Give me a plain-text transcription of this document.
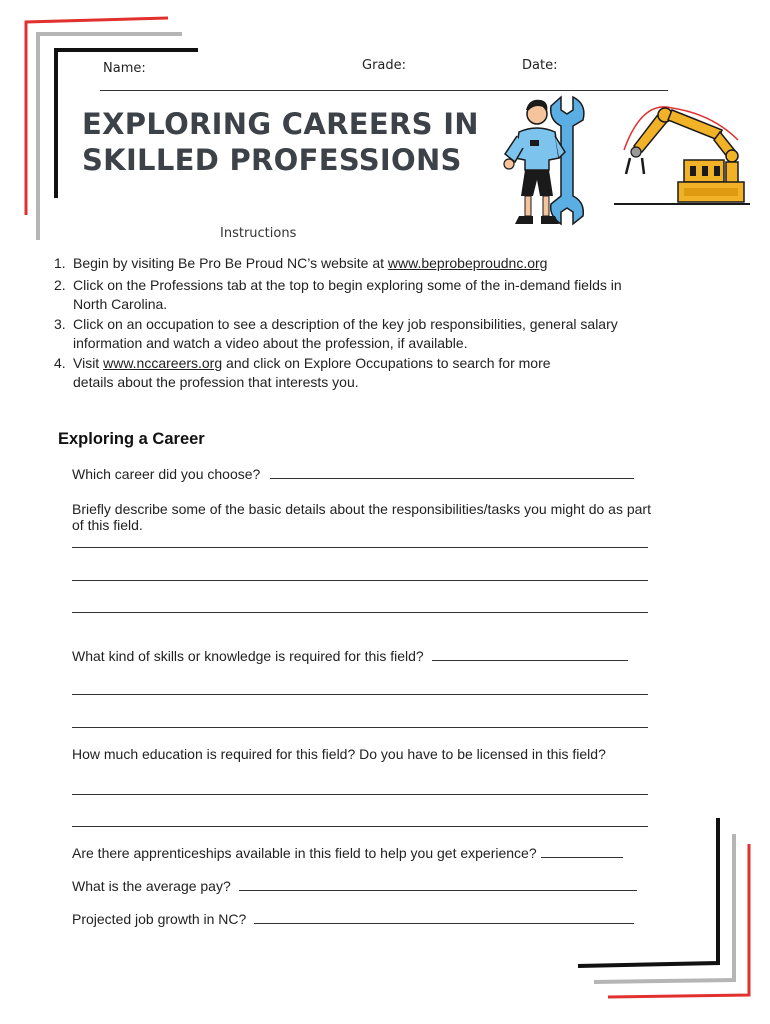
Name:	Grade:	Date:
EXPLORING CAREERS IN
SKILLED PROFESSIONS
Instructions
1. Begin by visiting Be Pro Be Proud NC’s website at www.beprobeproudnc.org
2. Click on the Professions tab at the top to begin exploring some of the in-demand fields in North Carolina.
3. Click on an occupation to see a description of the key job responsibilities, general salary information and watch a video about the profession, if available.
4. Visit www.nccareers.org and click on Explore Occupations to search for more details about the profession that interests you.
Exploring a Career
Which career did you choose?
Briefly describe some of the basic details about the responsibilities/tasks you might do as part of this field.
What kind of skills or knowledge is required for this field?
How much education is required for this field? Do you have to be licensed in this field?
Are there apprenticeships available in this field to help you get experience?
What is the average pay?
Projected job growth in NC?
